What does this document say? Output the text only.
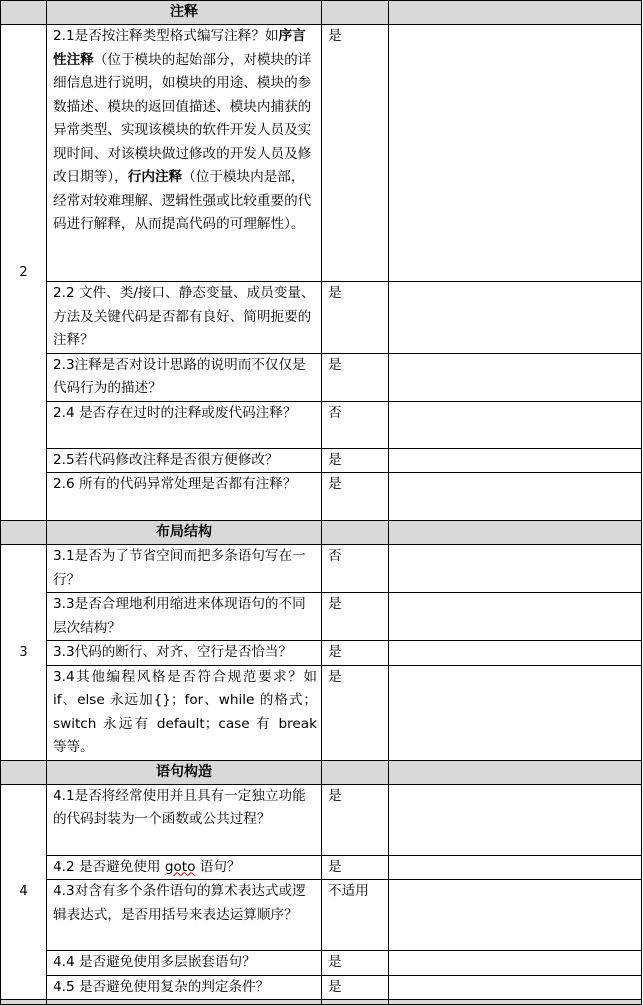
	注释		
2	2.1是否按注释类型格式编写注释？如序言性注释（位于模块的起始部分，对模块的详细信息进行说明，如模块的用途、模块的参数描述、模块的返回值描述、模块内捕获的异常类型、实现该模块的软件开发人员及实现时间、对该模块做过修改的开发人员及修改日期等），行内注释（位于模块内是部，经常对较难理解、逻辑性强或比较重要的代码进行解释，从而提高代码的可理解性）。	是	
	2.2 文件、类/接口、静态变量、成员变量、方法及关键代码是否都有良好、简明扼要的注释？	是	
	2.3注释是否对设计思路的说明而不仅仅是代码行为的描述？	是	
	2.4 是否存在过时的注释或废代码注释？	否	
	2.5若代码修改注释是否很方便修改？	是	
	2.6 所有的代码异常处理是否都有注释？	是	
	布局结构		
3	3.1是否为了节省空间而把多条语句写在一行？	否	
	3.3是否合理地利用缩进来体现语句的不同层次结构？	是	
	3.3代码的断行、对齐、空行是否恰当？	是	
	3.4其他编程风格是否符合规范要求？如 if、else 永远加{}；for、while 的格式；switch 永远有 default；case 有 break 等等。	是	
	语句构造		
4	4.1是否将经常使用并且具有一定独立功能的代码封装为一个函数或公共过程？	是	
	4.2 是否避免使用 goto 语句？	是	
	4.3对含有多个条件语句的算术表达式或逻辑表达式，是否用括号来表达运算顺序？	不适用	
	4.4 是否避免使用多层嵌套语句？	是	
	4.5 是否避免使用复杂的判定条件？	是	
